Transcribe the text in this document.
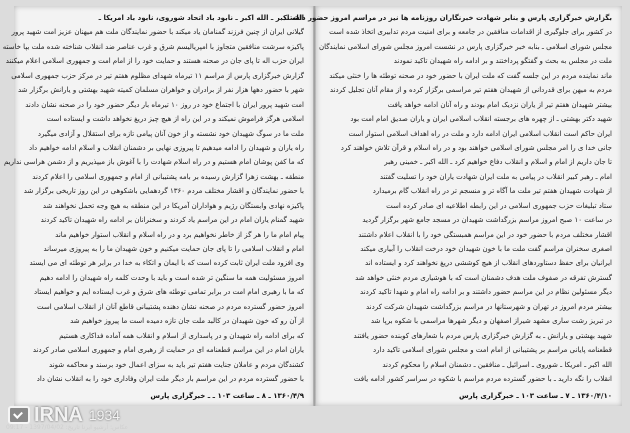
الله اکبر ـ الله اکبر ـ نابود باد اتحاد شوروی، نابود باد امریکا ـ
گیلانی ایران از چنین فرزند گمنامان یاد میکند با حضور نمایندگان ملت هم میهنان عزیز امت شهید پرور
پاکیزه سرشت منافقین متجاوز با امپریالیسم شرق و غرب عناصر ضد انقلاب شناخته شده ملت بپا خاسته
ایران حزب اله تا پای جان در صحنه هستند و حمایت خود را از امام امت و جمهوری اسلامی اعلام میکنند
گزارش خبرگزاری پارس از مراسم ۱۱ تیرماه شهدای مظلوم هفتم تیر در مرکز حزب جمهوری اسلامی
شهر با حضور دهها هزار نفر از برادران و خواهران مسلمان کمیته شهید بهشتی و یارانش برگزار شد
امت شهید پرور ایران با اجتماع خود در روز ۱۰ تیرماه بار دیگر حضور خود را در صحنه نشان دادند
اسلامی هرگز فراموش نمیکند و در این راه از هیچ چیز دریغ نخواهد داشت و ایستاده است
ملت ما در سوگ شهیدان خود نشسته و از خون آنان پیامی تازه برای استقلال و آزادی میگیرد
راه یاران و شهیدان را ادامه میدهیم تا پیروزی نهایی بر دشمنان انقلاب و اسلام ادامه خواهیم داد
که ما کفن پوشان امام هستیم و در راه اسلام شهادت را با آغوش باز میپذیریم و از دشمن هراسی نداریم
منطقه ـ بهشت زهرا گزارش رسیده بر بامه پشتیبانی از امام و جمهوری اسلامی را اعلام کردند
با حضور نمایندگان و اقشار مختلف مردم ۱۳۶۰ گردهمایی باشکوهی در این روز تاریخی برگزار شد
پاکیزه نهادی وابستگان رژیم و هواداران آمریکا در این منطقه به هیچ وجه تحمل نخواهند شد
شهید گمنام یاران امام در این مراسم یاد کردند و سخنرانان بر ادامه راه شهیدان تاکید کردند
پیام امام ما را هر گز از خاطر نخواهیم برد و در راه اسلام و انقلاب استوار خواهیم ماند
امام و انقلاب اسلامی را تا پای جان حمایت میکنیم و خون شهیدان ما را به پیروزی میرساند
وی افزود ملت ایران ثابت کرده است که با ایمان و اتکاء به خدا در برابر هر توطئه ای می ایستد
امروز مسئولیت همه ما سنگین تر شده است و باید با وحدت کلمه راه شهیدان را ادامه دهیم
که ما با رهبری امام امت در برابر تمامی توطئه های شرق و غرب ایستاده ایم و خواهیم ایستاد
امروز حضور گسترده مردم در صحنه نشان دهنده پشتیبانی قاطع آنان از انقلاب اسلامی است
از آن رو که خون شهیدان در کالبد ملت جان تازه دمیده است ما پیروز خواهیم شد
که برای ادامه راه شهیدان و در پاسداری از اسلام و انقلاب همه آماده فداکاری هستیم
یاران امام در این مراسم قطعنامه ای در حمایت از رهبری امام و جمهوری اسلامی صادر کردند
کشندگان مردم و عاملان جنایت هفتم تیر باید به سزای اعمال خود برسند و محاکمه شوند
با حضور گسترده مردم در این مراسم بار دیگر ملت ایران وفاداری خود را به انقلاب نشان داد
۱۳۶۰/۴/۹ ـ ۸ ـ ساعت ۱۰۳ ـ ـ خبرگزاری پارس
بگزارش خبرگزاری پارس و بنابر شهادت خبرنگاران روزنامه ها نیز در مراسم امروز حضور داشتند
در کشور برای جلوگیری از اقدامات منافقین در جامعه و برای امنیت مردم تدابیری اتخاذ شده است
مجلس شورای اسلامی ـ بنابه خبر خبرگزاری پارس در نشست امروز مجلس شورای اسلامی نمایندگان
ملت در مجلس به بحث و گفتگو پرداختند و بر ادامه راه شهیدان تاکید نمودند
ماند نماینده مردم در این جلسه گفت که ملت ایران با حضور خود در صحنه توطئه ها را خنثی میکند
مردم به میهن برای قدردانی از شهیدان هفتم تیر مراسمی برگزار کرده و از مقام آنان تجلیل کردند
بیشتر شهیدان هفتم تیر از یاران نزدیک امام بودند و راه آنان ادامه خواهد یافت
شهید دکتر بهشتی ـ از چهره های برجسته انقلاب اسلامی ایران و یاران صدیق امام امت بود
ایران حاکم است انقلاب اسلامی ایران ادامه دارد و ملت در راه اهداف اسلامی استوار است
جانی خدا ی را امر مجلس شورای اسلامی خواهند بود و در راه اسلام و قرآن تلاش خواهند کرد
تا جان داریم از امام و اسلام و انقلاب دفاع خواهیم کرد ـ الله اکبر ـ خمینی رهبر
امام ـ رهبر کبیر انقلاب در پیامی به ملت ایران شهادت یاران خود را تسلیت گفتند
از شهادت شهیدان هفتم تیر ملت ما آگاه تر و منسجم تر در راه انقلاب گام برمیدارد
ستاد تبلیغات حزب جمهوری اسلامی در این رابطه اطلاعیه ای صادر کرده است
در ساعت ۱۰ صبح امروز مراسم بزرگداشت شهیدان در مسجد جامع شهر برگزار گردید
اقشار مختلف مردم با حضور خود در این مراسم همبستگی خود را با انقلاب اعلام داشتند
اصغری سخنران مراسم گفت ملت ما با خون شهیدان خود درخت انقلاب را آبیاری میکند
ایرانیان برای حفظ دستاوردهای انقلاب از هیچ کوششی دریغ نخواهند کرد و ایستاده اند
گسترش تفرقه در صفوف ملت هدف دشمنان است که با هوشیاری مردم خنثی خواهد شد
دیگر مسئولین نظام در این مراسم حضور داشتند و بر ادامه راه امام و شهدا تاکید کردند
بیشتر مردم امروز در تهران و شهرستانها در مراسم بزرگداشت شهیدان شرکت کردند
در تبریز رشت ساری مشهد شیراز اصفهان و دیگر شهرها مراسمی با شکوه برپا شد
شهید بهشتی و یارانش ـ به گزارش خبرگزاری پارس مردم با شعارهای کوبنده حضور یافتند
قطعنامه پایانی مراسم بر پشتیبانی از امام امت و مجلس شورای اسلامی تاکید دارد
الله اکبر ـ امریکا ـ شوروی ـ اسرائیل ـ منافقین ـ دشمنان اسلام را محکوم کردند
انقلاب را نگه دارید ـ با حضور گسترده مردم مراسم با شکوه در سراسر کشور ادامه یافت
۱۳۶۰/۴/۱۰ ـ ۷ ـ ساعت ۱۰۳ ـ خبرگزاری پارس
IRNA 1934
عکاس: آرشیو ایرنا تاریخ: 1397/04/02 - 09:17
